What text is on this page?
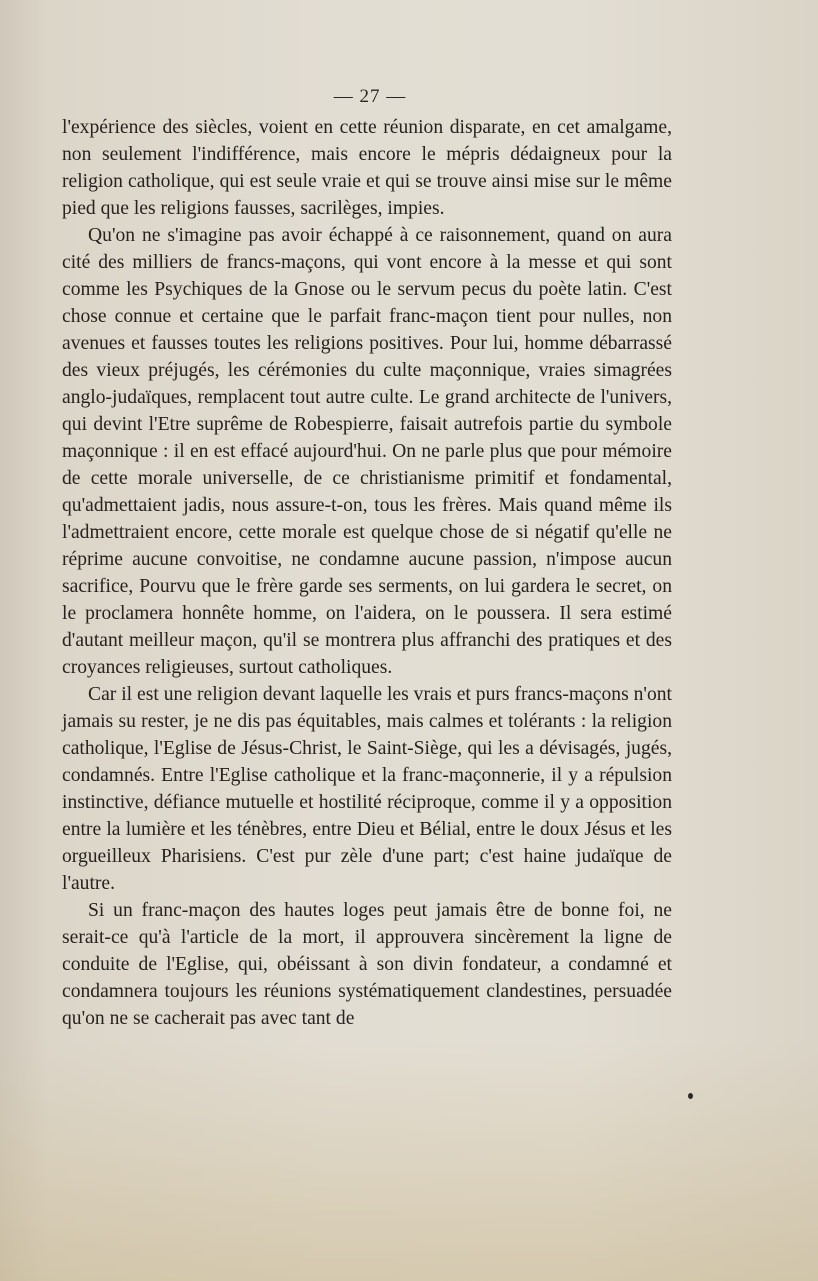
— 27 —

l'expérience des siècles, voient en cette réunion disparate, en cet amalgame, non seulement l'indifférence, mais encore le mépris dédaigneux pour la religion catholique, qui est seule vraie et qui se trouve ainsi mise sur le même pied que les religions fausses, sacrilèges, impies.

Qu'on ne s'imagine pas avoir échappé à ce raisonnement, quand on aura cité des milliers de francs-maçons, qui vont encore à la messe et qui sont comme les Psychiques de la Gnose ou le servum pecus du poète latin. C'est chose connue et certaine que le parfait franc-maçon tient pour nulles, non avenues et fausses toutes les religions positives. Pour lui, homme débarrassé des vieux préjugés, les cérémonies du culte maçonnique, vraies simagrées anglo-judaïques, remplacent tout autre culte. Le grand architecte de l'univers, qui devint l'Etre suprême de Robespierre, faisait autrefois partie du symbole maçonnique : il en est effacé aujourd'hui. On ne parle plus que pour mémoire de cette morale universelle, de ce christianisme primitif et fondamental, qu'admettaient jadis, nous assure-t-on, tous les frères. Mais quand même ils l'admettraient encore, cette morale est quelque chose de si négatif qu'elle ne réprime aucune convoitise, ne condamne aucune passion, n'impose aucun sacrifice, Pourvu que le frère garde ses serments, on lui gardera le secret, on le proclamera honnête homme, on l'aidera, on le poussera. Il sera estimé d'autant meilleur maçon, qu'il se montrera plus affranchi des pratiques et des croyances religieuses, surtout catholiques.

Car il est une religion devant laquelle les vrais et purs francs-maçons n'ont jamais su rester, je ne dis pas équitables, mais calmes et tolérants : la religion catholique, l'Eglise de Jésus-Christ, le Saint-Siège, qui les a dévisagés, jugés, condamnés. Entre l'Eglise catholique et la franc-maçonnerie, il y a répulsion instinctive, défiance mutuelle et hostilité réciproque, comme il y a opposition entre la lumière et les ténèbres, entre Dieu et Bélial, entre le doux Jésus et les orgueilleux Pharisiens. C'est pur zèle d'une part; c'est haine judaïque de l'autre.

Si un franc-maçon des hautes loges peut jamais être de bonne foi, ne serait-ce qu'à l'article de la mort, il approuvera sincèrement la ligne de conduite de l'Eglise, qui, obéissant à son divin fondateur, a condamné et condamnera toujours les réunions systématiquement clandestines, persuadée qu'on ne se cacherait pas avec tant de
